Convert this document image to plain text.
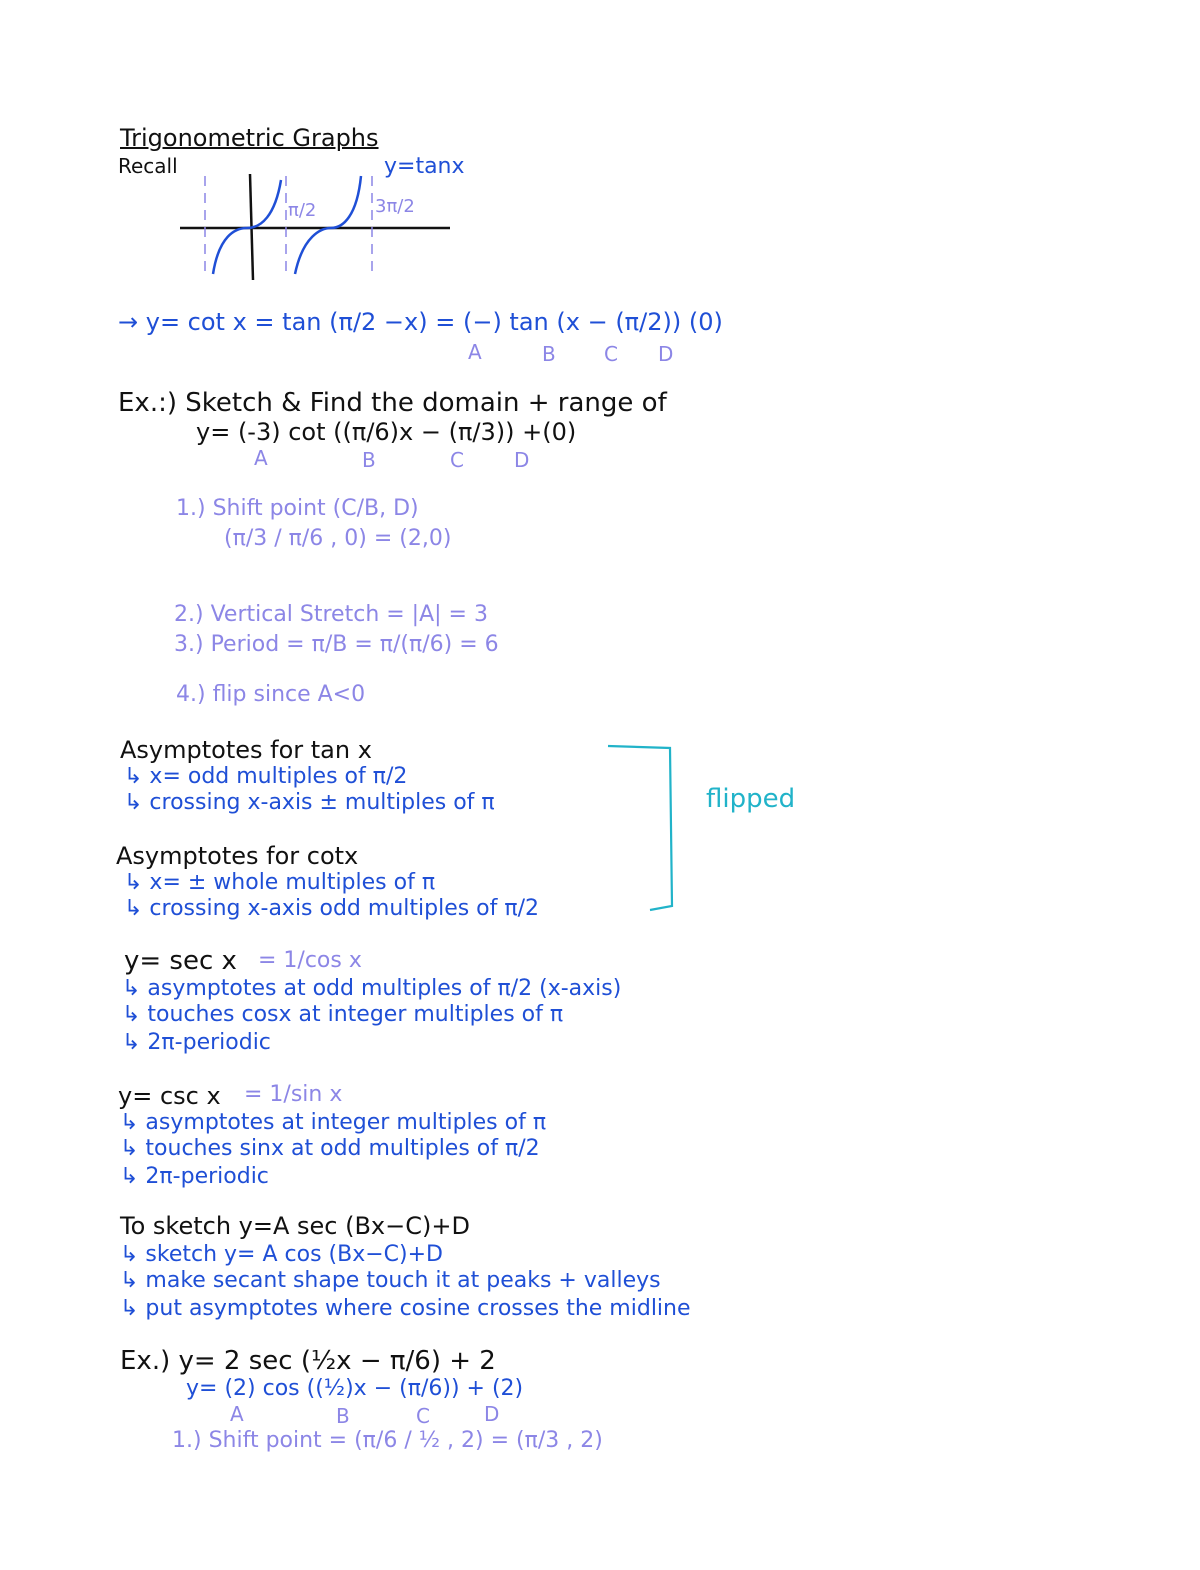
Trigonometric Graphs
Recall	y=tanx
π/2	3π/2
→ y= cot x = tan (π/2 −x) = (−) tan (x − (π/2)) (0)
A	B C D
Ex.:) Sketch & Find the domain + range of
y= (-3) cot ((π/6)x − (π/3)) +(0)
A	B	C	D
1.) Shift point (C/B, D)
(π/3 / π/6 , 0) = (2,0)
2.) Vertical Stretch = |A| = 3
3.) Period = π/B = π/(π/6) = 6
4.) flip since A<0
Asymptotes for tan x
↳ x= odd multiples of π/2
↳ crossing x-axis ± multiples of π
Asymptotes for cotx
↳ x= ± whole multiples of π
↳ crossing x-axis odd multiples of π/2
flipped
y= sec x = 1/cos x
↳ asymptotes at odd multiples of π/2 (x-axis)
↳ touches cosx at integer multiples of π
↳ 2π-periodic
y= csc x = 1/sin x
↳ asymptotes at integer multiples of π
↳ touches sinx at odd multiples of π/2
↳ 2π-periodic
To sketch y=A sec (Bx−C)+D
↳ sketch y= A cos (Bx−C)+D
↳ make secant shape touch it at peaks + valleys
↳ put asymptotes where cosine crosses the midline
Ex.) y= 2 sec (½x − π/6) + 2
y= (2) cos ((½)x − (π/6)) + (2)
A	B	C	D
1.) Shift point = (π/6 / ½ , 2) = (π/3 , 2)
